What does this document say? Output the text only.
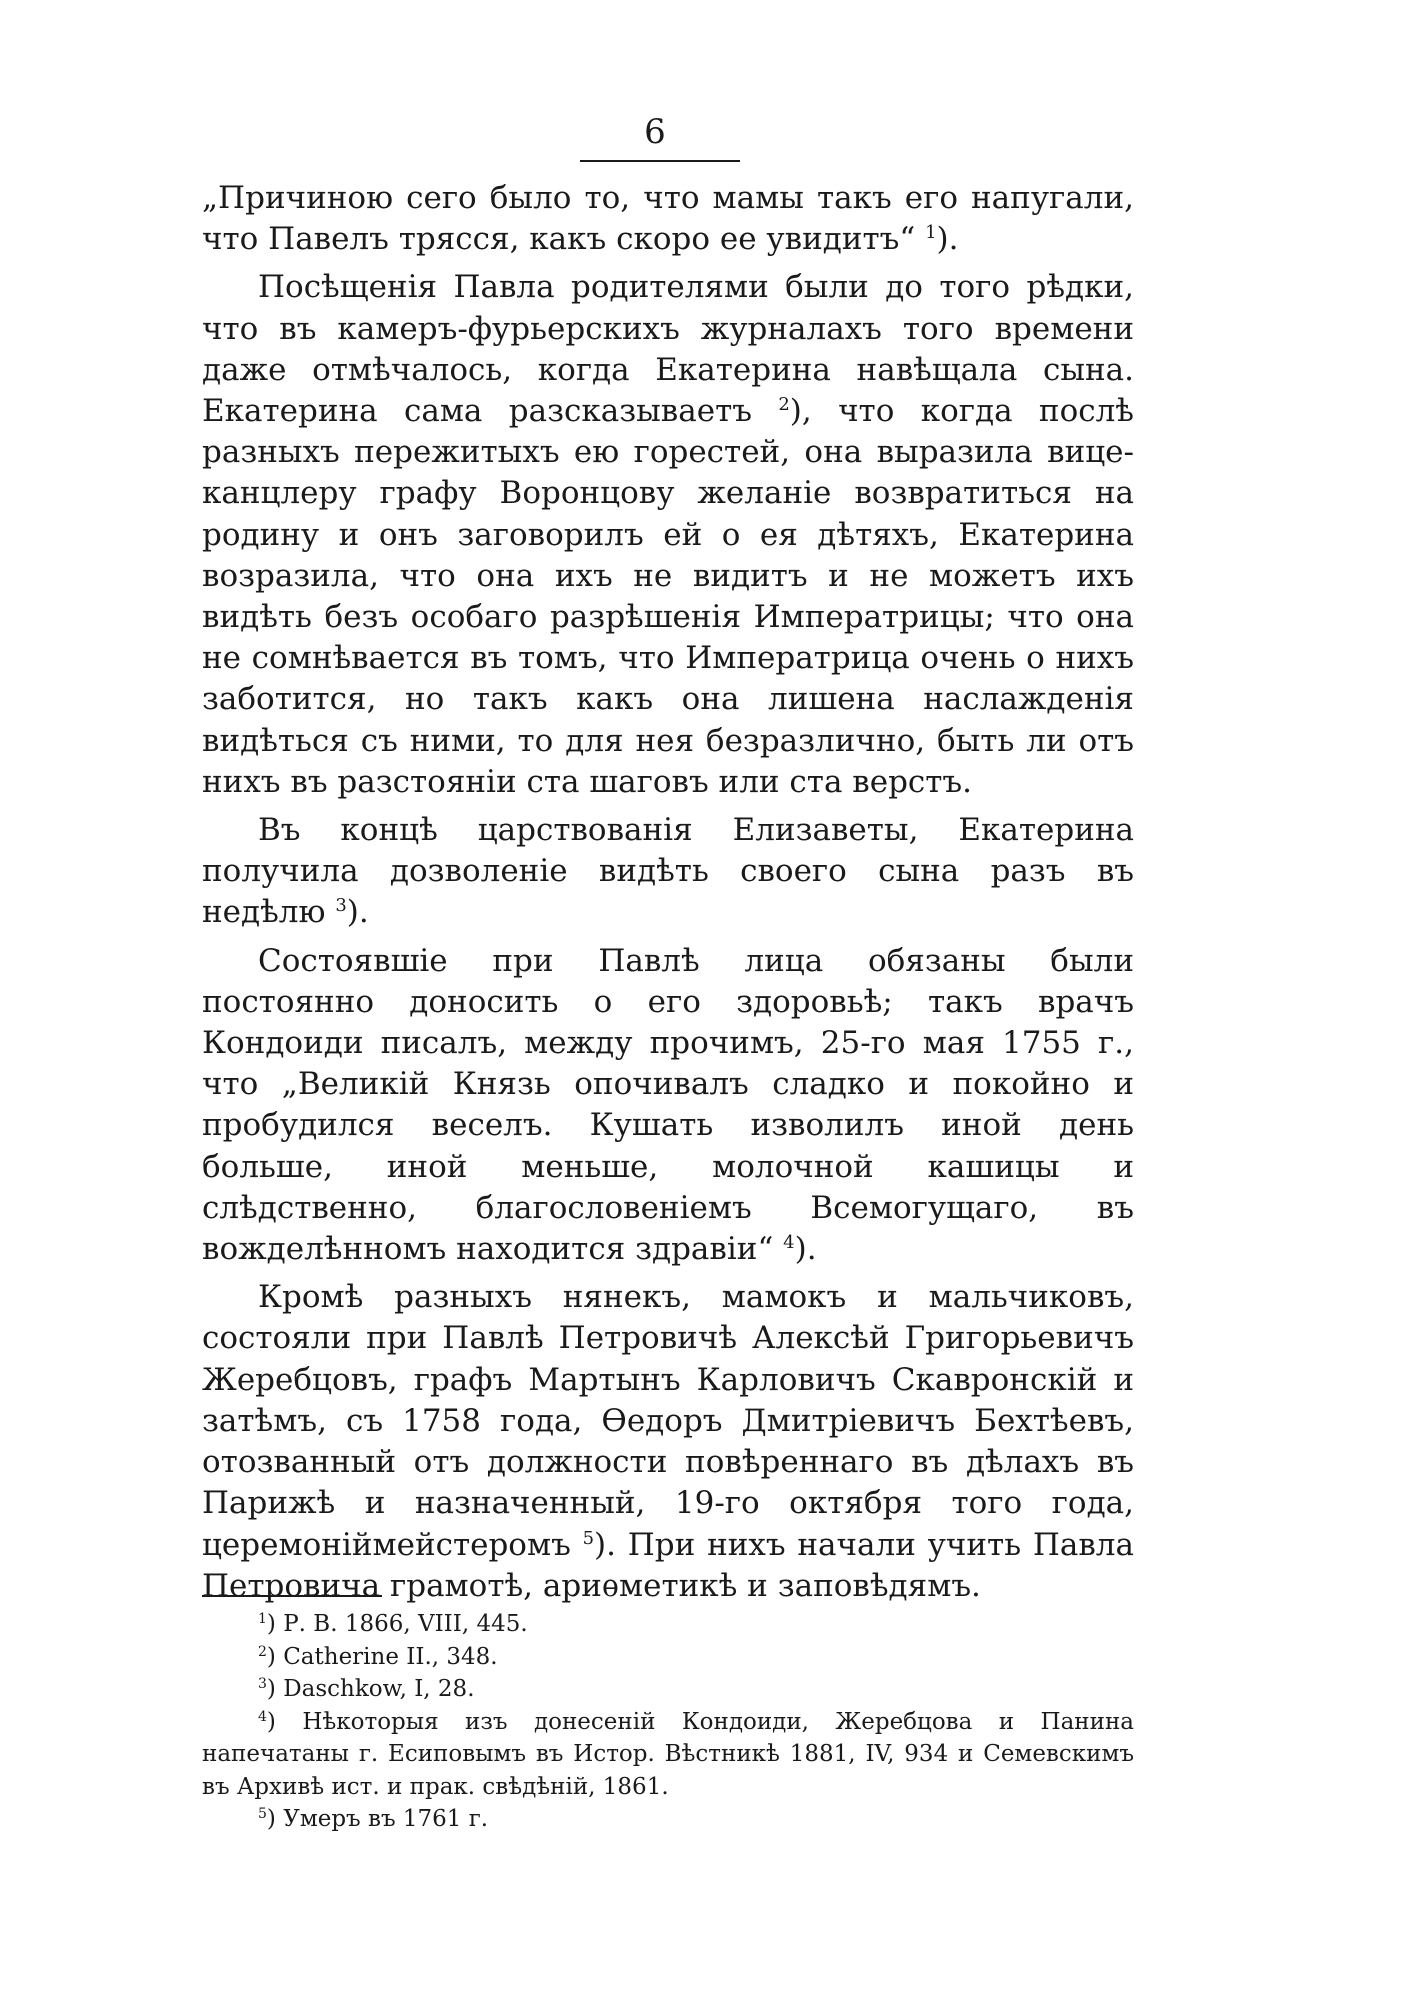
6

„Причиною сего было то, что мамы такъ его напугали, что Павелъ трясся, какъ скоро ее увидитъ“ $^1$).

Посѣщенія Павла родителями были до того рѣдки, что въ камеръ-фурьерскихъ журналахъ того времени даже отмѣчалось, когда Екатерина навѣщала сына. Екатерина сама разсказываетъ $^2$), что когда послѣ разныхъ пережитыхъ ею горестей, она выразила вице-канцлеру графу Воронцову желаніе возвратиться на родину и онъ заговорилъ ей о ея дѣтяхъ, Екатерина возразила, что она ихъ не видитъ и не можетъ ихъ видѣть безъ особаго разрѣшенія Императрицы; что она не сомнѣвается въ томъ, что Императрица очень о нихъ заботится, но такъ какъ она лишена наслажденія видѣться съ ними, то для нея безразлично, быть ли отъ нихъ въ разстояніи ста шаговъ или ста верстъ.

Въ концѣ царствованія Елизаветы, Екатерина получила дозволеніе видѣть своего сына разъ въ недѣлю $^3$).

Состоявшіе при Павлѣ лица обязаны были постоянно доносить о его здоровьѣ; такъ врачъ Кондоиди писалъ, между прочимъ, 25-го мая 1755 г., что „Великій Князь опочивалъ сладко и покойно и пробудился веселъ. Кушать изволилъ иной день больше, иной меньше, молочной кашицы и слѣдственно, благословеніемъ Всемогущаго, въ вожделѣнномъ находится здравіи“ $^4$).

Кромѣ разныхъ нянекъ, мамокъ и мальчиковъ, состояли при Павлѣ Петровичѣ Алексѣй Григорьевичъ Жеребцовъ, графъ Мартынъ Карловичъ Скавронскій и затѣмъ, съ 1758 года, Ѳедоръ Дмитріевичъ Бехтѣевъ, отозванный отъ должности повѣреннаго въ дѣлахъ въ Парижѣ и назначенный, 19-го октября того года, церемоніймейстеромъ $^5$). При нихъ начали учить Павла Петровича грамотѣ, ариѳметикѣ и заповѣдямъ.

$^1$) Р. В. 1866, VIII, 445.

$^2$) Catherine II., 348.

$^3$) Daschkow, I, 28.

$^4$) Нѣкоторыя изъ донесеній Кондоиди, Жеребцова и Панина напечатаны г. Есиповымъ въ Истор. Вѣстникѣ 1881, IV, 934 и Семевскимъ въ Архивѣ ист. и прак. свѣдѣній, 1861.

$^5$) Умеръ въ 1761 г.
